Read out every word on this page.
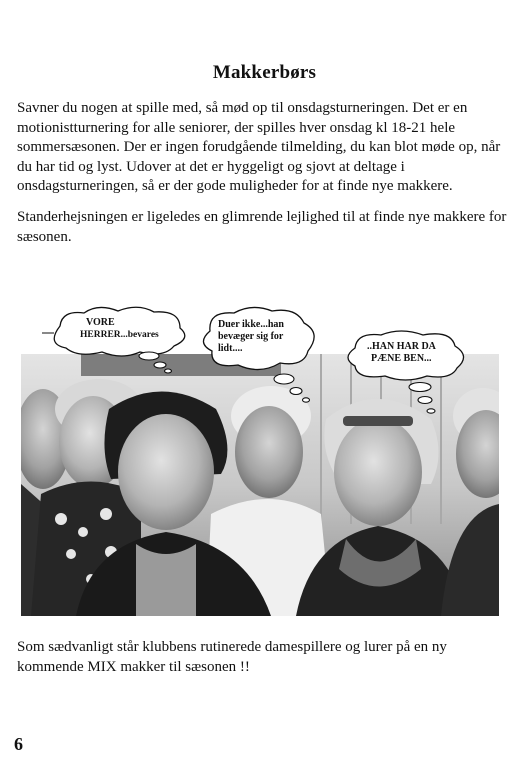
Makkerbørs

Savner du nogen at spille med, så mød op til onsdagsturneringen. Det er en motionistturnering for alle seniorer, der spilles hver onsdag kl 18-21 hele sommersæsonen. Der er ingen forudgående tilmelding, du kan blot møde op, når du har tid og lyst. Udover at det er hyggeligt og sjovt at deltage i onsdagsturneringen, så er der gode muligheder for at finde nye makkere.

Standerhejsningen er ligeledes en glimrende lejlighed til at finde nye makkere for sæsonen.

VORE
HERRER...bevares
Duer ikke...han
bevæger sig for
lidt....	..HAN HAR DA
PÆNE BEN...

Som sædvanligt står klubbens rutinerede damespillere og lurer på en ny kommende MIX makker til sæsonen !!

6
